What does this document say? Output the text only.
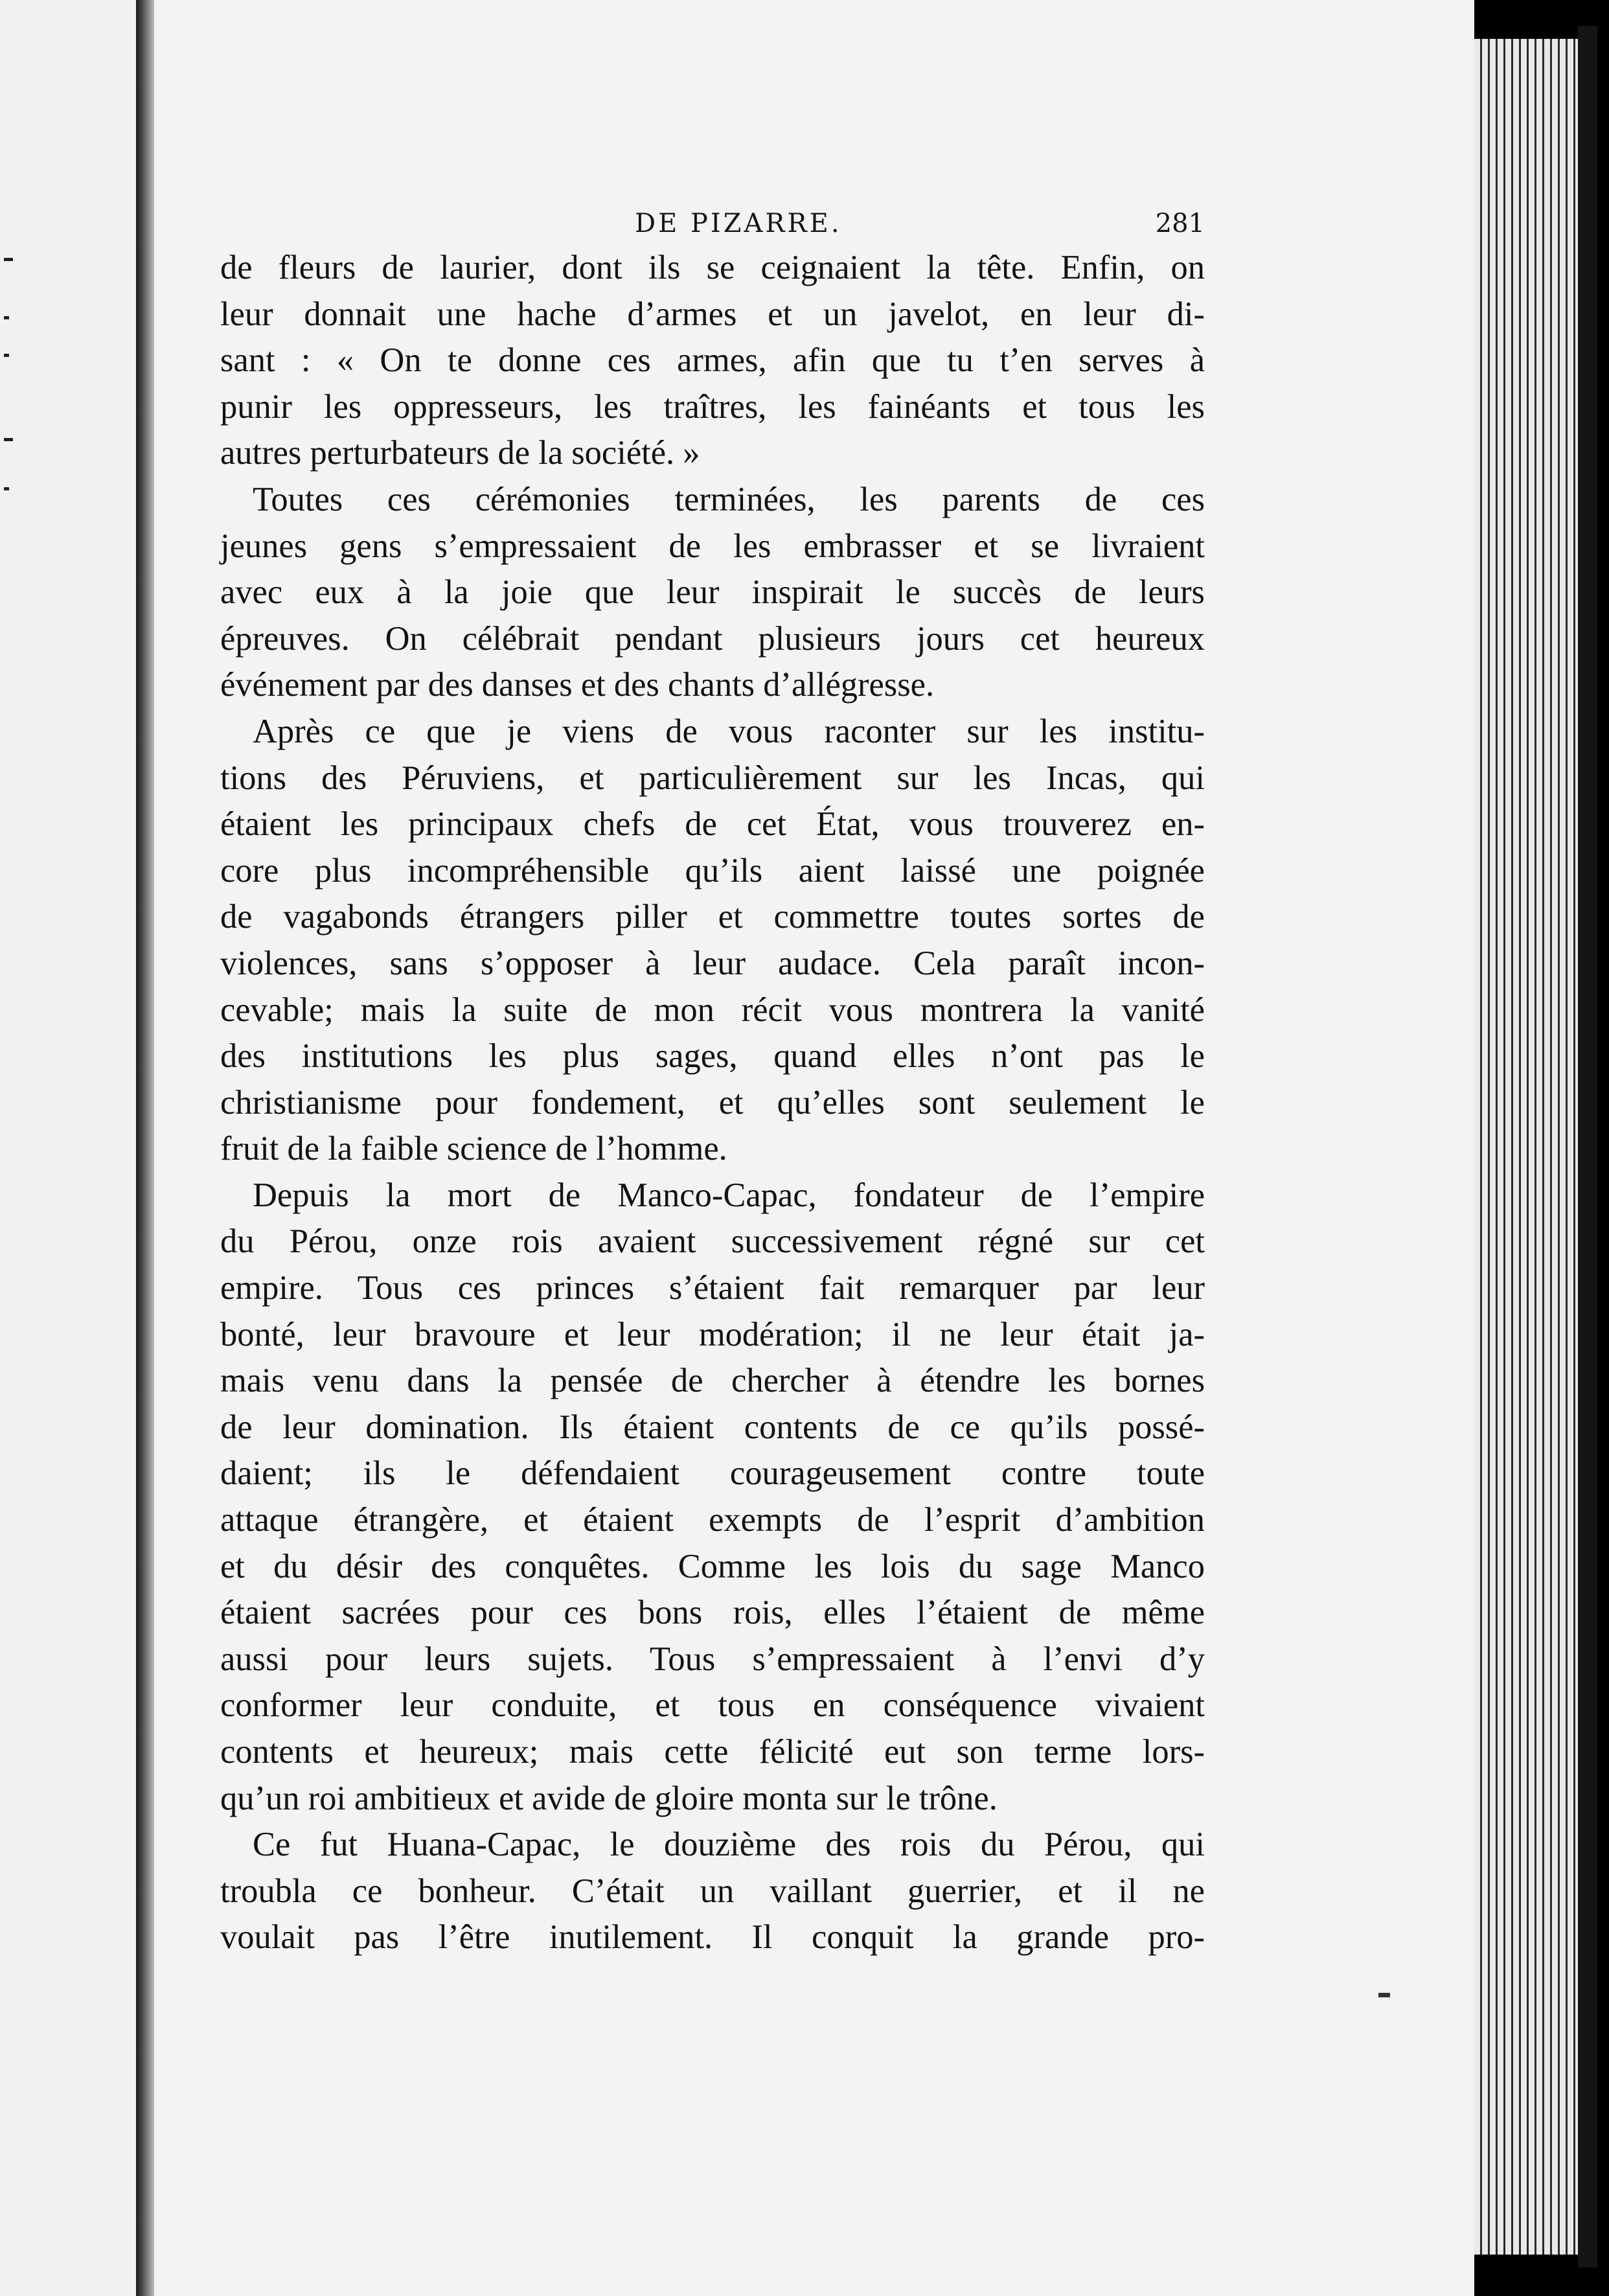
DE PIZARRE.	281
de fleurs de laurier, dont ils se ceignaient la tête. Enfin, on
leur donnait une hache d’armes et un javelot, en leur di-
sant : « On te donne ces armes, afin que tu t’en serves à
punir les oppresseurs, les traîtres, les fainéants et tous les
autres perturbateurs de la société. »
Toutes ces cérémonies terminées, les parents de ces
jeunes gens s’empressaient de les embrasser et se livraient
avec eux à la joie que leur inspirait le succès de leurs
épreuves. On célébrait pendant plusieurs jours cet heureux
événement par des danses et des chants d’allégresse.
Après ce que je viens de vous raconter sur les institu-
tions des Péruviens, et particulièrement sur les Incas, qui
étaient les principaux chefs de cet État, vous trouverez en-
core plus incompréhensible qu’ils aient laissé une poignée
de vagabonds étrangers piller et commettre toutes sortes de
violences, sans s’opposer à leur audace. Cela paraît incon-
cevable; mais la suite de mon récit vous montrera la vanité
des institutions les plus sages, quand elles n’ont pas le
christianisme pour fondement, et qu’elles sont seulement le
fruit de la faible science de l’homme.
Depuis la mort de Manco-Capac, fondateur de l’empire
du Pérou, onze rois avaient successivement régné sur cet
empire. Tous ces princes s’étaient fait remarquer par leur
bonté, leur bravoure et leur modération; il ne leur était ja-
mais venu dans la pensée de chercher à étendre les bornes
de leur domination. Ils étaient contents de ce qu’ils possé-
daient; ils le défendaient courageusement contre toute
attaque étrangère, et étaient exempts de l’esprit d’ambition
et du désir des conquêtes. Comme les lois du sage Manco
étaient sacrées pour ces bons rois, elles l’étaient de même
aussi pour leurs sujets. Tous s’empressaient à l’envi d’y
conformer leur conduite, et tous en conséquence vivaient
contents et heureux; mais cette félicité eut son terme lors-
qu’un roi ambitieux et avide de gloire monta sur le trône.
Ce fut Huana-Capac, le douzième des rois du Pérou, qui
troubla ce bonheur. C’était un vaillant guerrier, et il ne
voulait pas l’être inutilement. Il conquit la grande pro-
